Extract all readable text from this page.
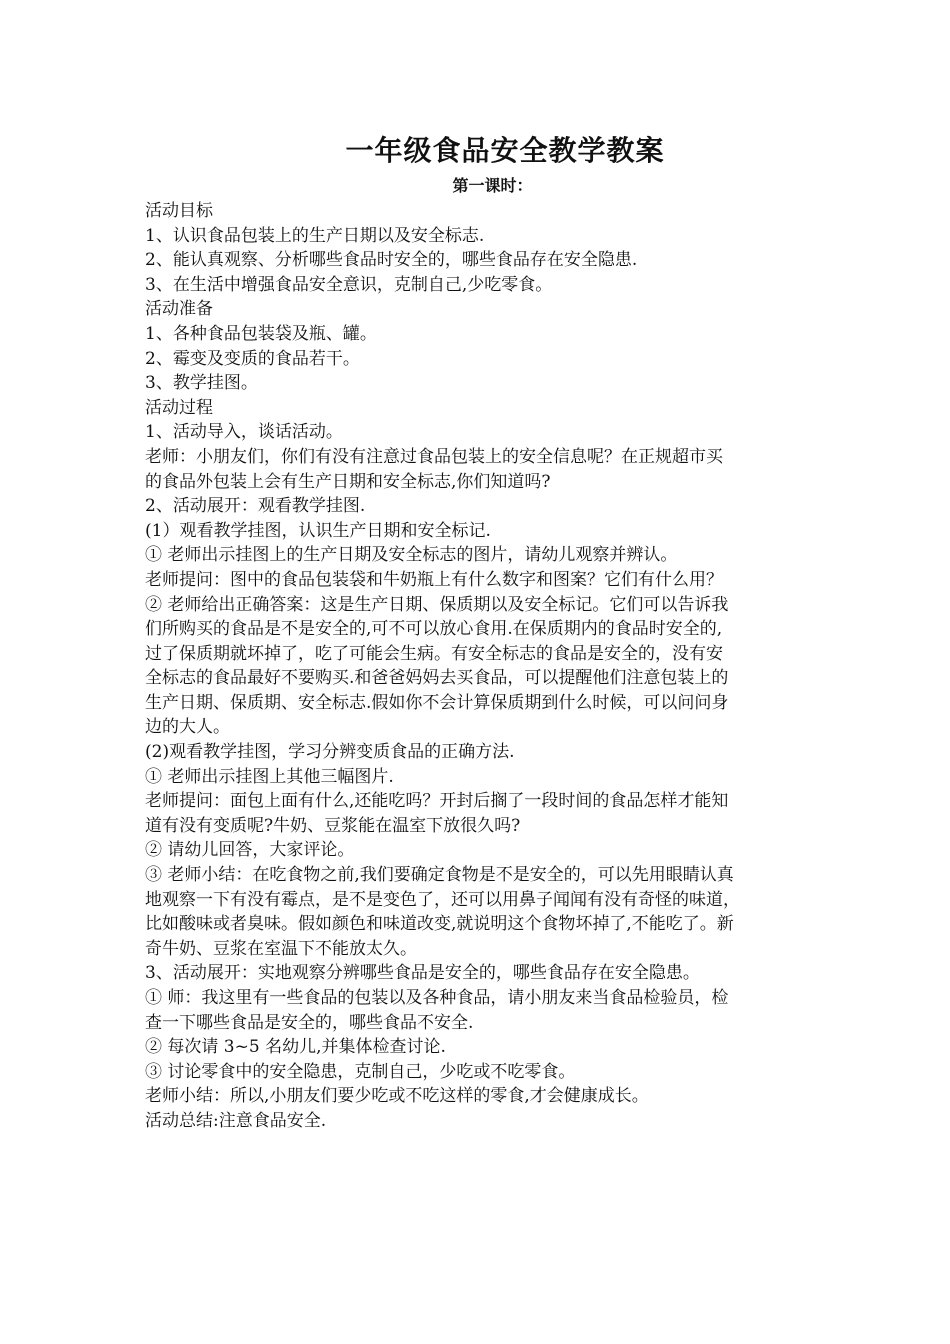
一年级食品安全教学教案
第一课时：
活动目标
1、认识食品包装上的生产日期以及安全标志.
2、能认真观察、分析哪些食品时安全的，哪些食品存在安全隐患.
3、在生活中增强食品安全意识，克制自己,少吃零食。
活动准备
1、各种食品包装袋及瓶、罐。
2、霉变及变质的食品若干。
3、教学挂图。
活动过程
1、活动导入，谈话活动。
老师：小朋友们，你们有没有注意过食品包装上的安全信息呢？在正规超市买
的食品外包装上会有生产日期和安全标志,你们知道吗?
2、活动展开：观看教学挂图.
(1）观看教学挂图，认识生产日期和安全标记.
① 老师出示挂图上的生产日期及安全标志的图片，请幼儿观察并辨认。
老师提问：图中的食品包装袋和牛奶瓶上有什么数字和图案？它们有什么用？
② 老师给出正确答案：这是生产日期、保质期以及安全标记。它们可以告诉我
们所购买的食品是不是安全的,可不可以放心食用.在保质期内的食品时安全的,
过了保质期就坏掉了，吃了可能会生病。有安全标志的食品是安全的，没有安
全标志的食品最好不要购买.和爸爸妈妈去买食品，可以提醒他们注意包装上的
生产日期、保质期、安全标志.假如你不会计算保质期到什么时候，可以问问身
边的大人。
(2)观看教学挂图，学习分辨变质食品的正确方法.
① 老师出示挂图上其他三幅图片.
老师提问：面包上面有什么,还能吃吗？开封后搁了一段时间的食品怎样才能知
道有没有变质呢?牛奶、豆浆能在温室下放很久吗?
② 请幼儿回答，大家评论。
③ 老师小结：在吃食物之前,我们要确定食物是不是安全的，可以先用眼睛认真
地观察一下有没有霉点，是不是变色了，还可以用鼻子闻闻有没有奇怪的味道，
比如酸味或者臭味。假如颜色和味道改变,就说明这个食物坏掉了,不能吃了。新
奇牛奶、豆浆在室温下不能放太久。
3、活动展开：实地观察分辨哪些食品是安全的，哪些食品存在安全隐患。
① 师：我这里有一些食品的包装以及各种食品，请小朋友来当食品检验员，检
查一下哪些食品是安全的，哪些食品不安全.
② 每次请 3~5 名幼儿,并集体检查讨论.
③ 讨论零食中的安全隐患，克制自己，少吃或不吃零食。
老师小结：所以,小朋友们要少吃或不吃这样的零食,才会健康成长。
活动总结:注意食品安全.
